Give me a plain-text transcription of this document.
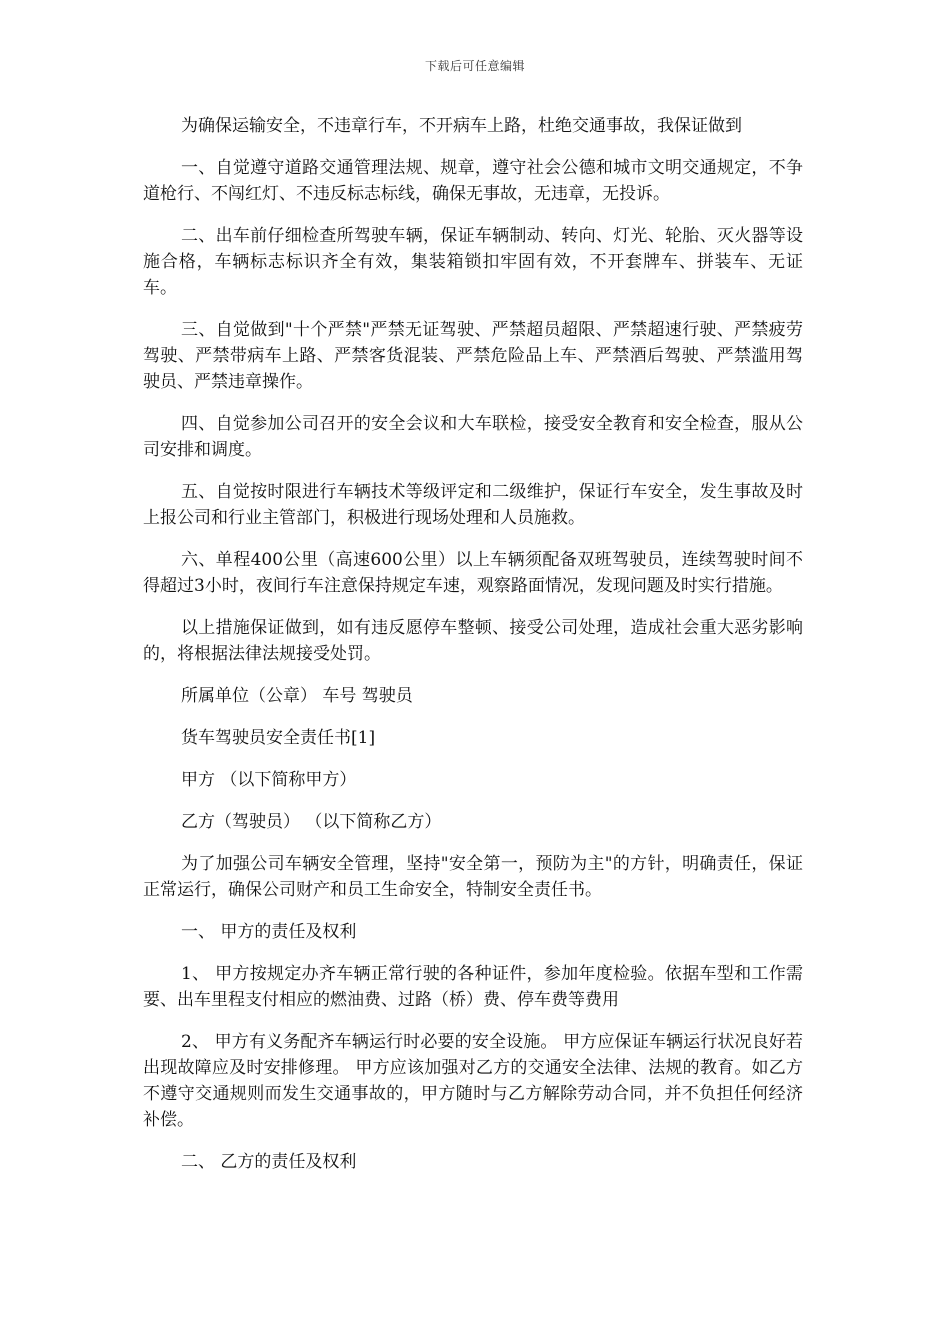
下载后可任意编辑

为确保运输安全，不违章行车，不开病车上路，杜绝交通事故，我保证做到

一、自觉遵守道路交通管理法规、规章，遵守社会公德和城市文明交通规定，不争道枪行、不闯红灯、不违反标志标线，确保无事故，无违章，无投诉。

二、出车前仔细检查所驾驶车辆，保证车辆制动、转向、灯光、轮胎、灭火器等设施合格，车辆标志标识齐全有效，集装箱锁扣牢固有效，不开套牌车、拼装车、无证车。

三、自觉做到"十个严禁"严禁无证驾驶、严禁超员超限、严禁超速行驶、严禁疲劳驾驶、严禁带病车上路、严禁客货混装、严禁危险品上车、严禁酒后驾驶、严禁滥用驾驶员、严禁违章操作。

四、自觉参加公司召开的安全会议和大车联检，接受安全教育和安全检查，服从公司安排和调度。

五、自觉按时限进行车辆技术等级评定和二级维护，保证行车安全，发生事故及时上报公司和行业主管部门，积极进行现场处理和人员施救。

六、单程400公里（高速600公里）以上车辆须配备双班驾驶员，连续驾驶时间不得超过3小时，夜间行车注意保持规定车速，观察路面情况，发现问题及时实行措施。

以上措施保证做到，如有违反愿停车整顿、接受公司处理，造成社会重大恶劣影响的，将根据法律法规接受处罚。

所属单位（公章） 车号 驾驶员

货车驾驶员安全责任书[1]

甲方 （以下简称甲方）

乙方（驾驶员） （以下简称乙方）

为了加强公司车辆安全管理，坚持"安全第一，预防为主"的方针，明确责任，保证正常运行，确保公司财产和员工生命安全，特制安全责任书。

一、 甲方的责任及权利

1、 甲方按规定办齐车辆正常行驶的各种证件，参加年度检验。依据车型和工作需要、出车里程支付相应的燃油费、过路（桥）费、停车费等费用

2、 甲方有义务配齐车辆运行时必要的安全设施。 甲方应保证车辆运行状况良好若出现故障应及时安排修理。 甲方应该加强对乙方的交通安全法律、法规的教育。如乙方不遵守交通规则而发生交通事故的，甲方随时与乙方解除劳动合同，并不负担任何经济补偿。

二、 乙方的责任及权利
